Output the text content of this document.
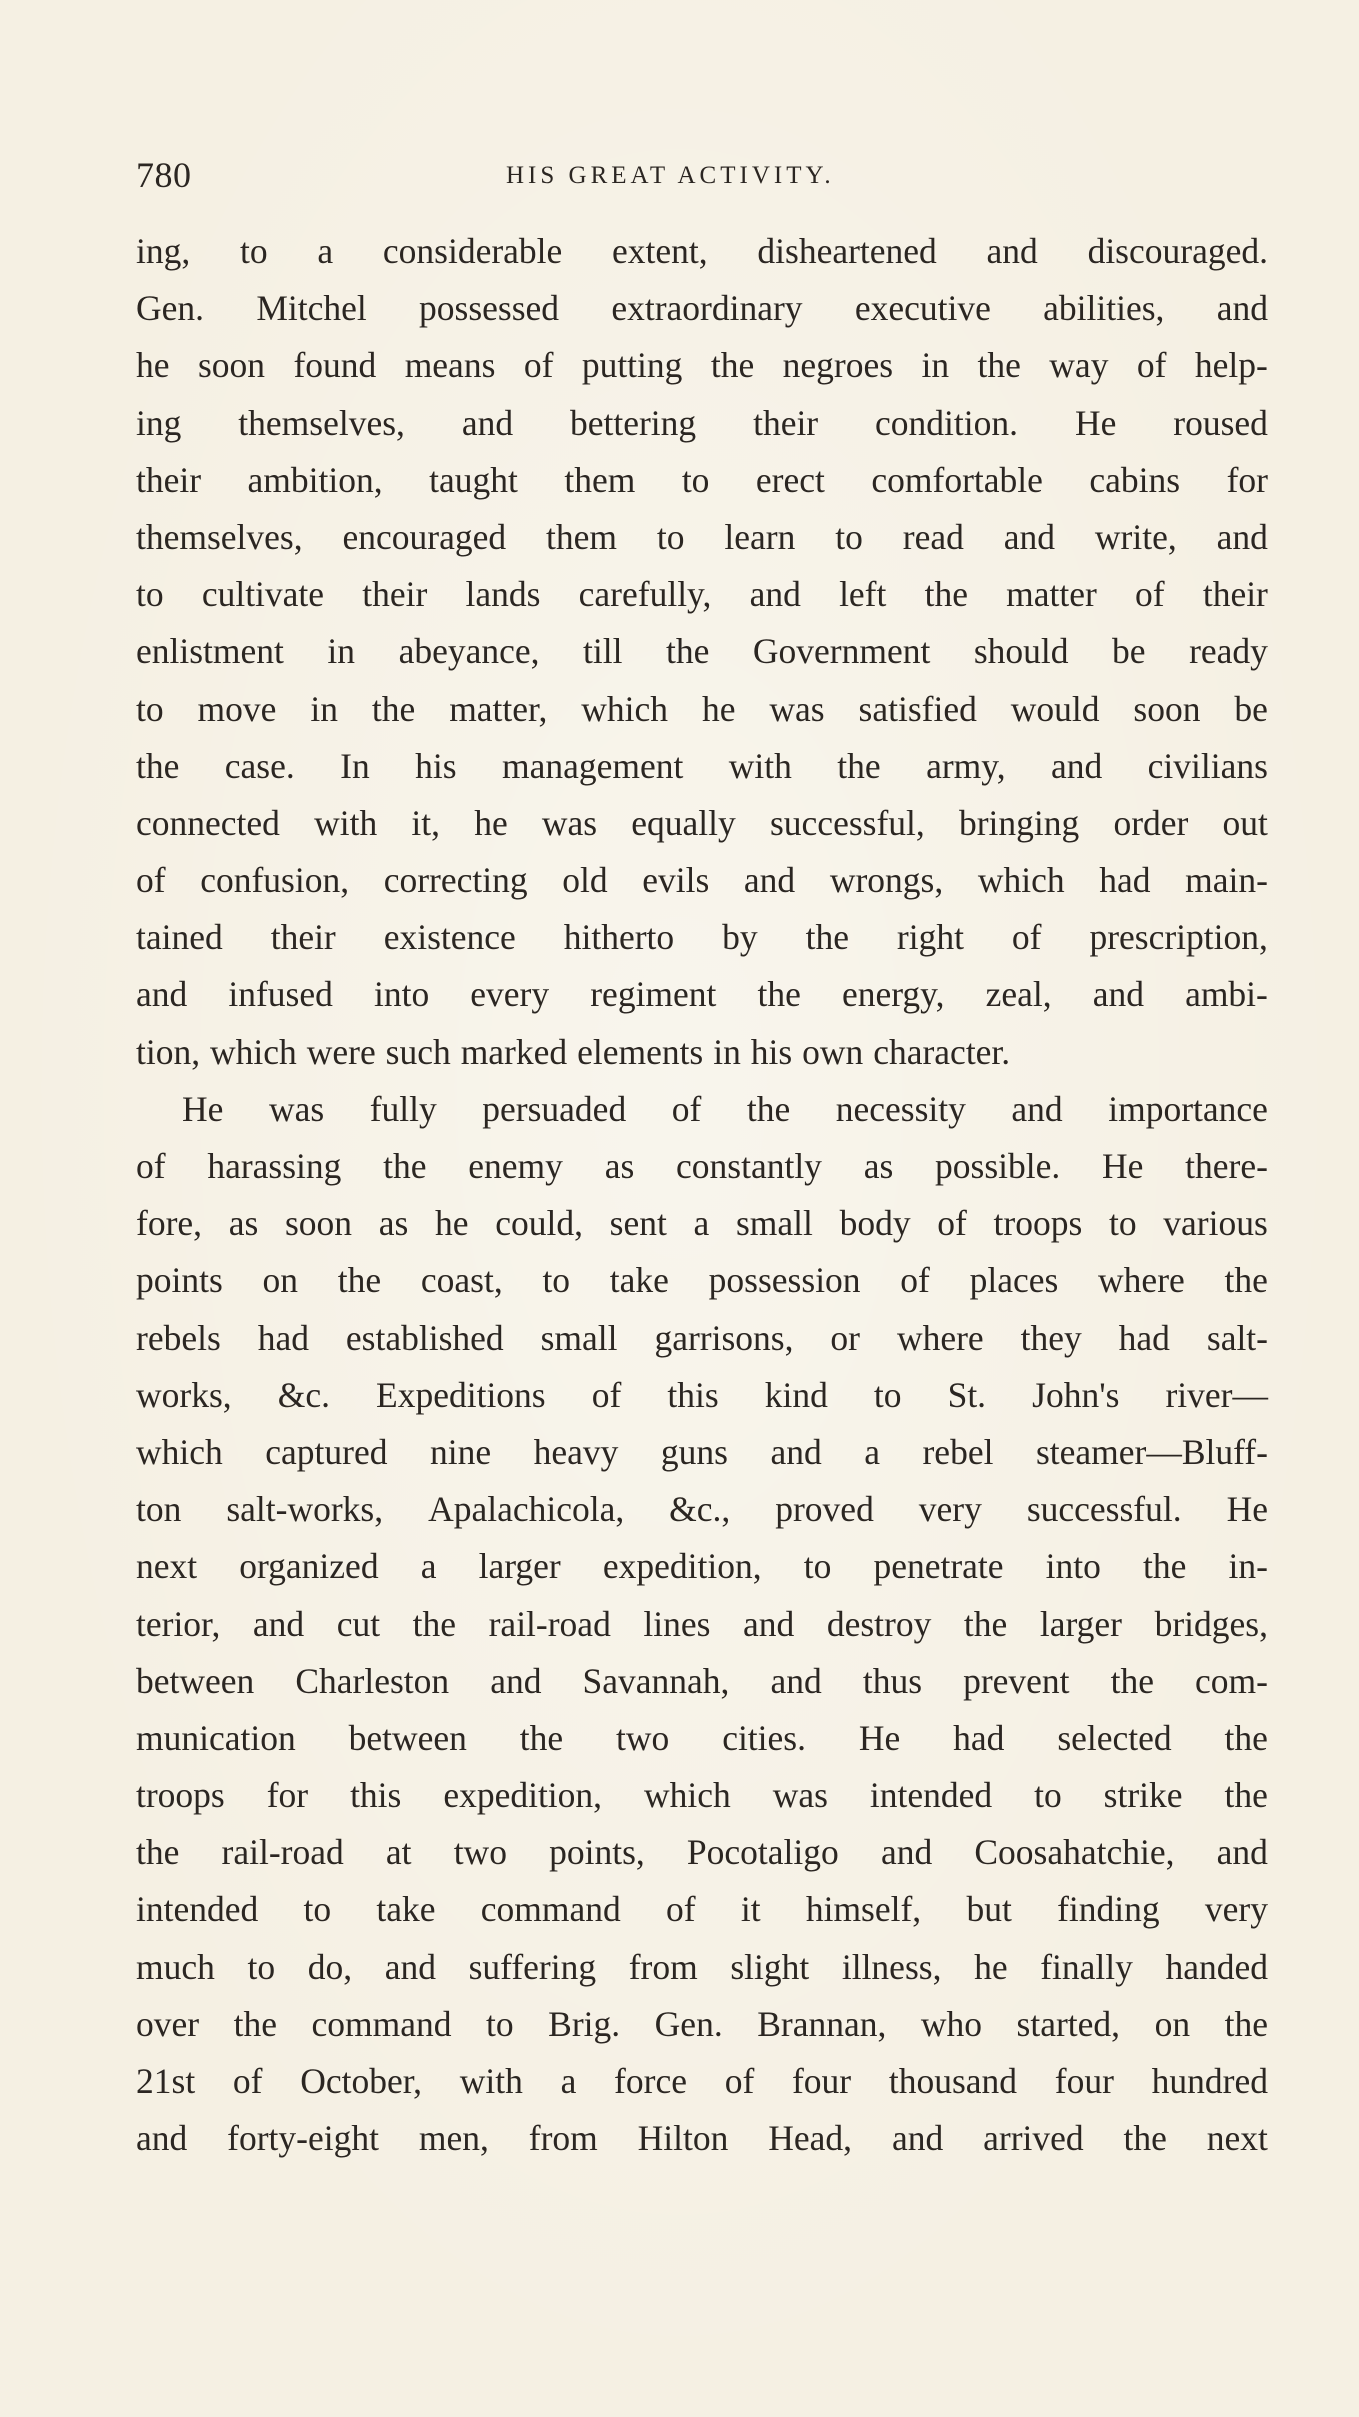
780	HIS GREAT ACTIVITY.
ing, to a considerable extent, disheartened and discouraged.
Gen. Mitchel possessed extraordinary executive abilities, and
he soon found means of putting the negroes in the way of help-
ing themselves, and bettering their condition. He roused
their ambition, taught them to erect comfortable cabins for
themselves, encouraged them to learn to read and write, and
to cultivate their lands carefully, and left the matter of their
enlistment in abeyance, till the Government should be ready
to move in the matter, which he was satisfied would soon be
the case. In his management with the army, and civilians
connected with it, he was equally successful, bringing order out
of confusion, correcting old evils and wrongs, which had main-
tained their existence hitherto by the right of prescription,
and infused into every regiment the energy, zeal, and ambi-
tion, which were such marked elements in his own character.
He was fully persuaded of the necessity and importance
of harassing the enemy as constantly as possible. He there-
fore, as soon as he could, sent a small body of troops to various
points on the coast, to take possession of places where the
rebels had established small garrisons, or where they had salt-
works, &c. Expeditions of this kind to St. John's river—
which captured nine heavy guns and a rebel steamer—Bluff-
ton salt-works, Apalachicola, &c., proved very successful. He
next organized a larger expedition, to penetrate into the in-
terior, and cut the rail-road lines and destroy the larger bridges,
between Charleston and Savannah, and thus prevent the com-
munication between the two cities. He had selected the
troops for this expedition, which was intended to strike the
the rail-road at two points, Pocotaligo and Coosahatchie, and
intended to take command of it himself, but finding very
much to do, and suffering from slight illness, he finally handed
over the command to Brig. Gen. Brannan, who started, on the
21st of October, with a force of four thousand four hundred
and forty-eight men, from Hilton Head, and arrived the next
